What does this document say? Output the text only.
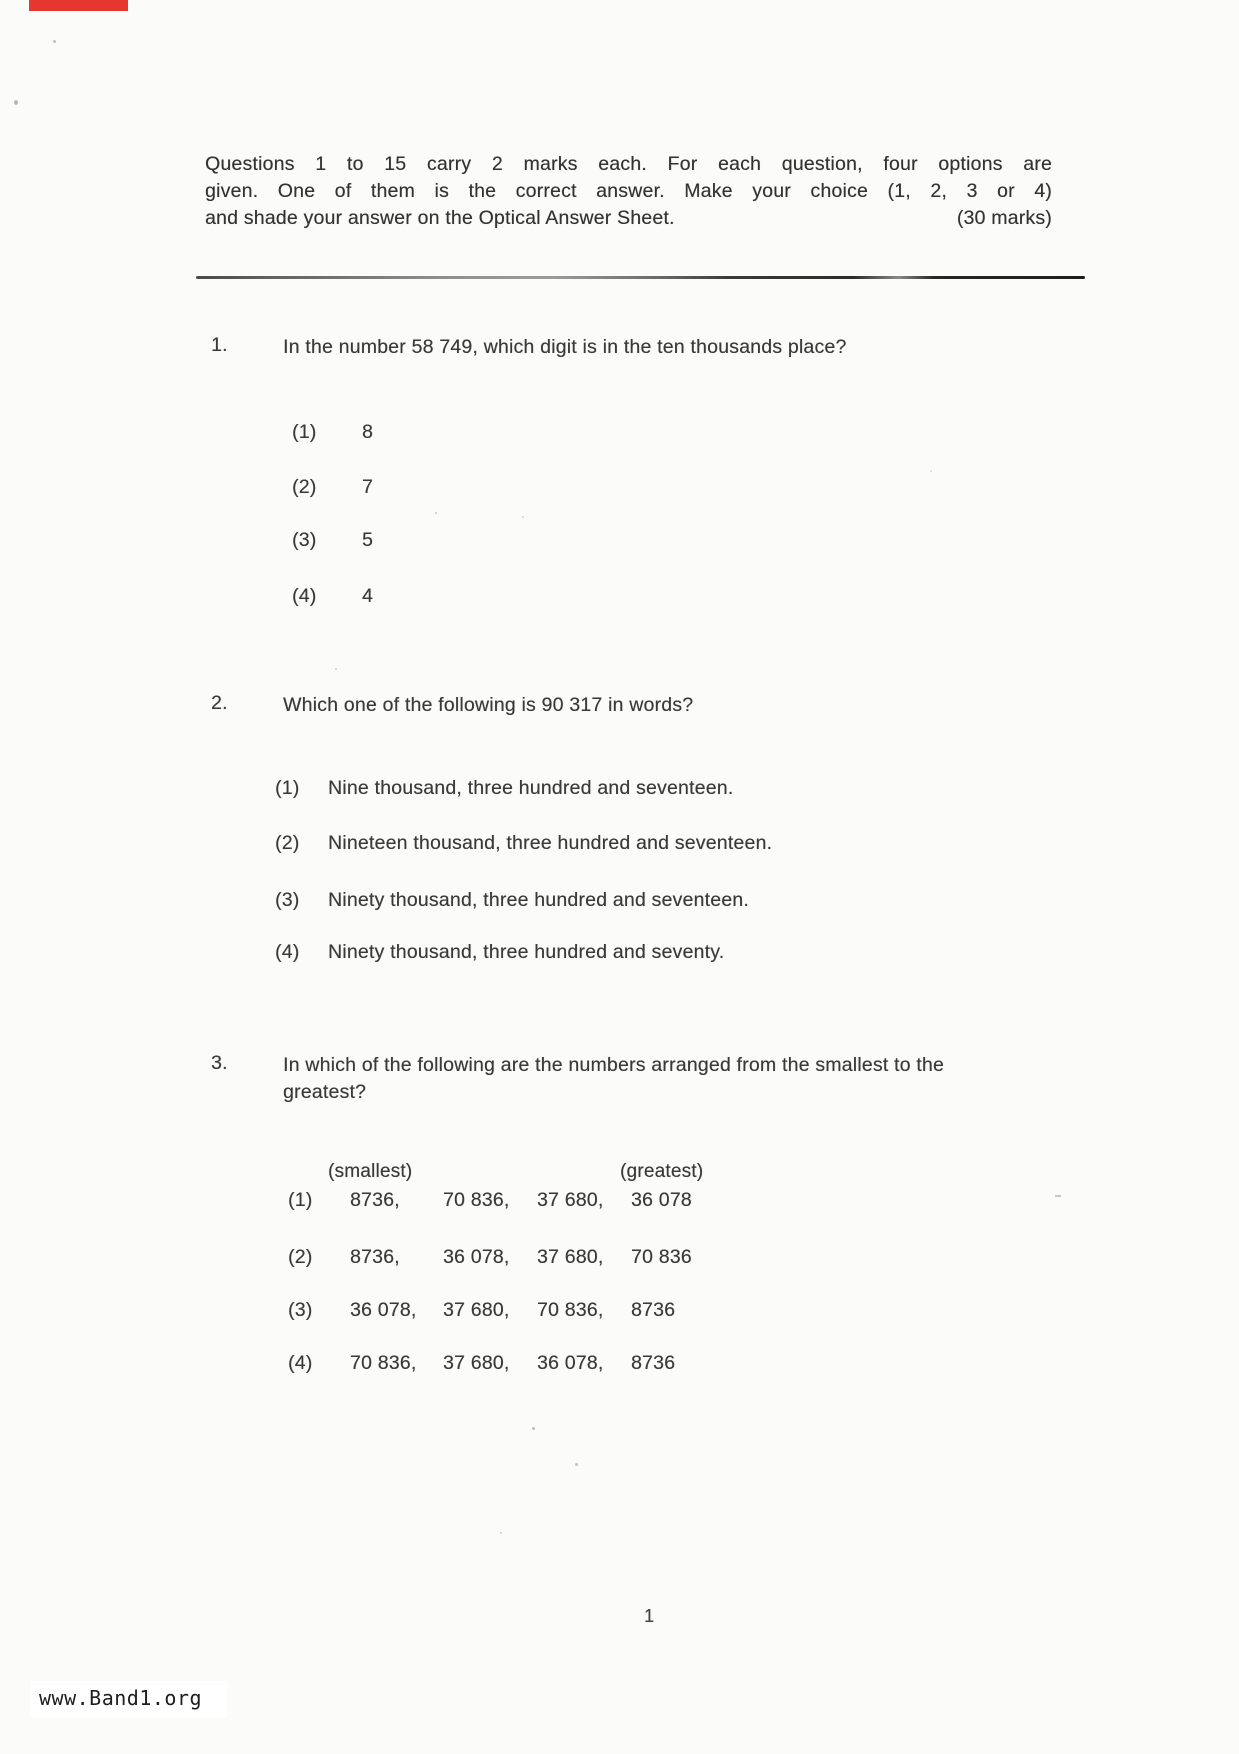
Questions 1 to 15 carry 2 marks each. For each question, four options are
given. One of them is the correct answer. Make your choice (1, 2, 3 or 4)
and shade your answer on the Optical Answer Sheet.	(30 marks)
1.	In the number 58 749, which digit is in the ten thousands place?
(1) 8
(2) 7
(3) 5
(4) 4
2.	Which one of the following is 90 317 in words?
(1) Nine thousand, three hundred and seventeen.
(2) Nineteen thousand, three hundred and seventeen.
(3) Ninety thousand, three hundred and seventeen.
(4) Ninety thousand, three hundred and seventy.
3.	In which of the following are the numbers arranged from the smallest to the greatest?
(smallest)	(greatest)
(1) 8736, 70 836, 37 680, 36 078
(2) 8736, 36 078, 37 680, 70 836
(3) 36 078, 37 680, 70 836, 8736
(4) 70 836, 37 680, 36 078, 8736
1
www.Band1.org
